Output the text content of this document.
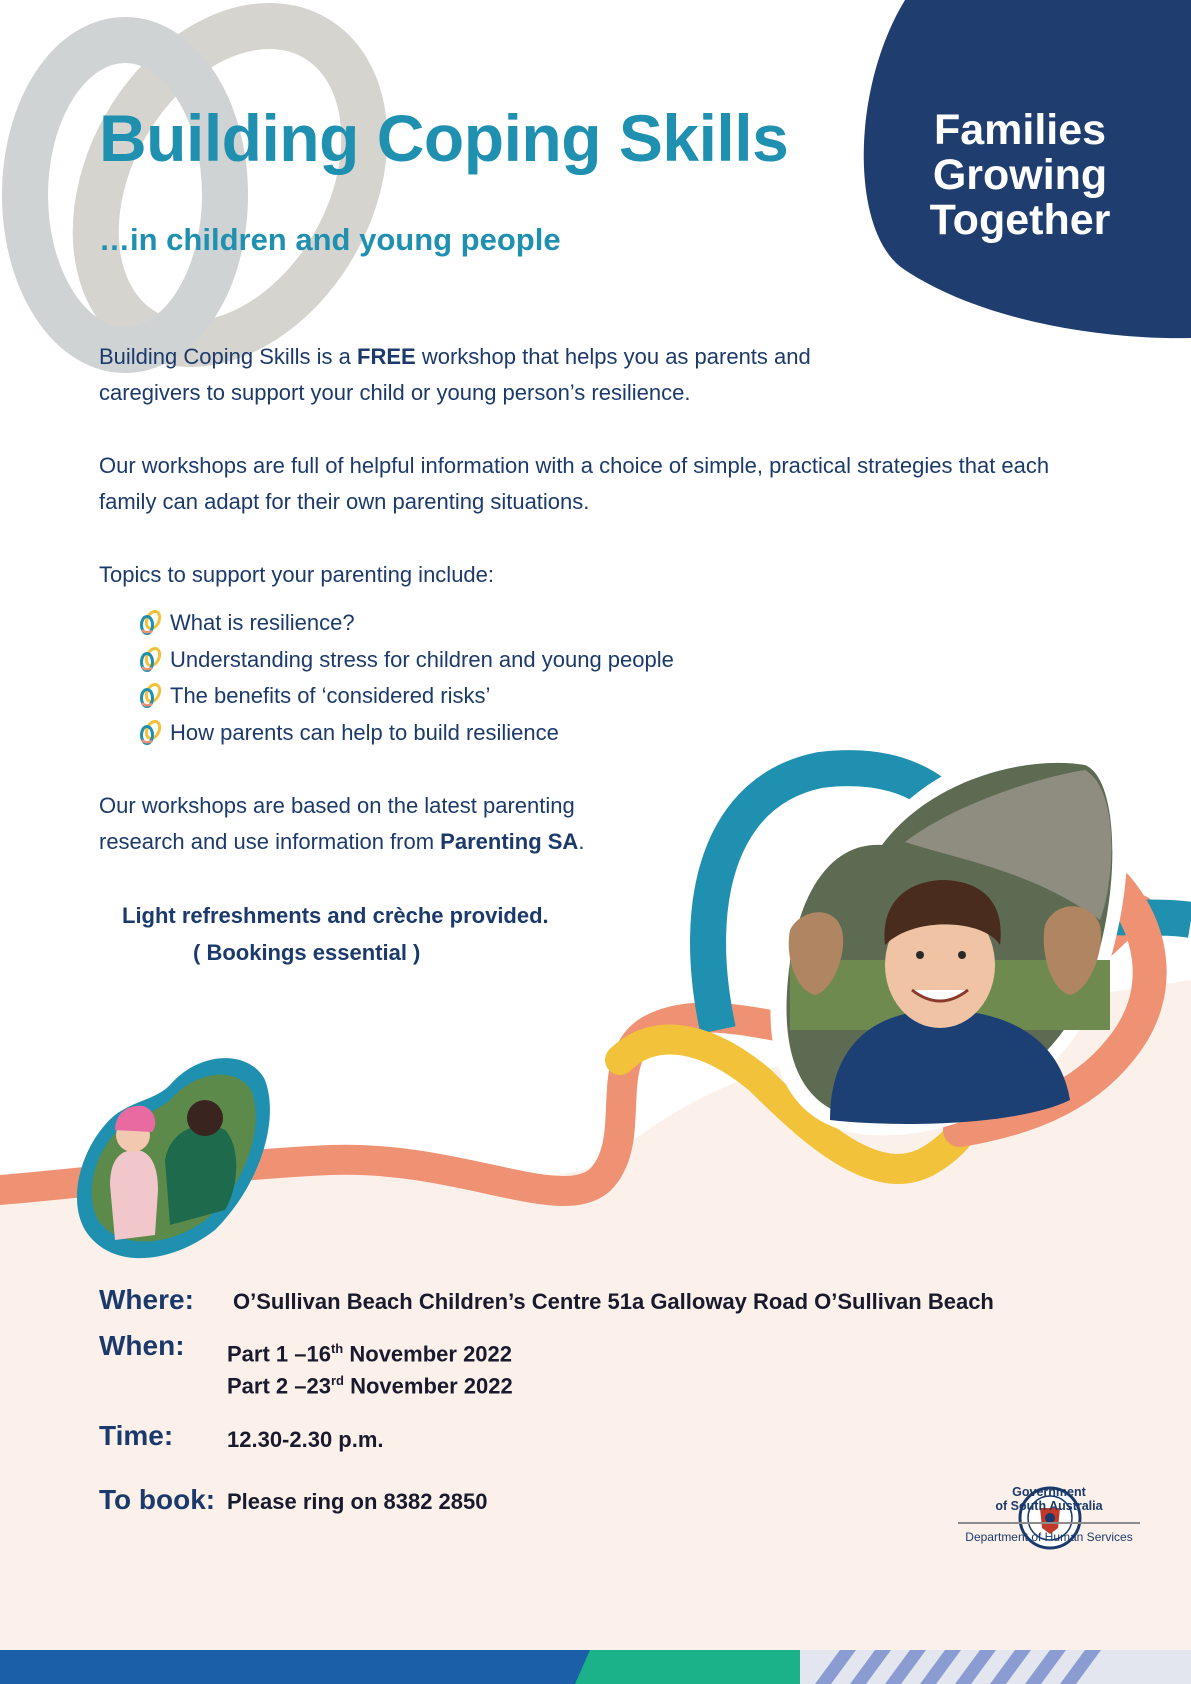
Building Coping Skills
…in children and young people
Families
Growing
Together
Building Coping Skills is a FREE workshop that helps you as parents and caregivers to support your child or young person’s resilience.
Our workshops are full of helpful information with a choice of simple, practical strategies that each family can adapt for their own parenting situations.
Topics to support your parenting include:
What is resilience?
Understanding stress for children and young people
The benefits of ‘considered risks’
How parents can help to build resilience
Our workshops are based on the latest parenting research and use information from Parenting SA.
Light refreshments and crèche provided.
( Bookings essential )
Where: O’Sullivan Beach Children’s Centre 51a Galloway Road O’Sullivan Beach
When: Part 1 –16th November 2022
Part 2 –23rd November 2022
Time: 12.30-2.30 p.m.
To book: Please ring on 8382 2850	Government
of South Australia
Department of Human Services
